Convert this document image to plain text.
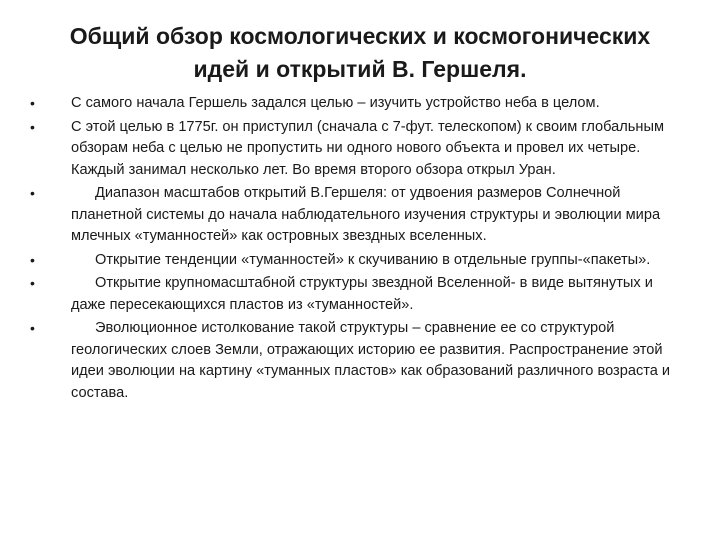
Общий обзор космологических и космогонических идей и открытий В. Гершеля.
•	С самого начала Гершель задался целью – изучить устройство неба в целом.
•	С этой целью в 1775г. он приступил (сначала с 7-фут. телескопом) к своим глобальным обзорам неба с целью не пропустить ни одного нового объекта и провел их четыре. Каждый занимал несколько лет. Во время второго обзора открыл Уран.
•	Диапазон масштабов открытий В.Гершеля: от удвоения размеров Солнечной планетной системы до начала наблюдательного изучения структуры и эволюции мира млечных «туманностей» как островных звездных вселенных.
•	Открытие тенденции «туманностей» к скучиванию в отдельные группы-«пакеты».
•	Открытие крупномасштабной структуры звездной Вселенной- в виде вытянутых и даже пересекающихся пластов из «туманностей».
•	Эволюционное истолкование такой структуры – сравнение ее со структурой геологических слоев Земли, отражающих историю ее развития. Распространение этой идеи эволюции на картину «туманных пластов» как образований различного возраста и состава.
